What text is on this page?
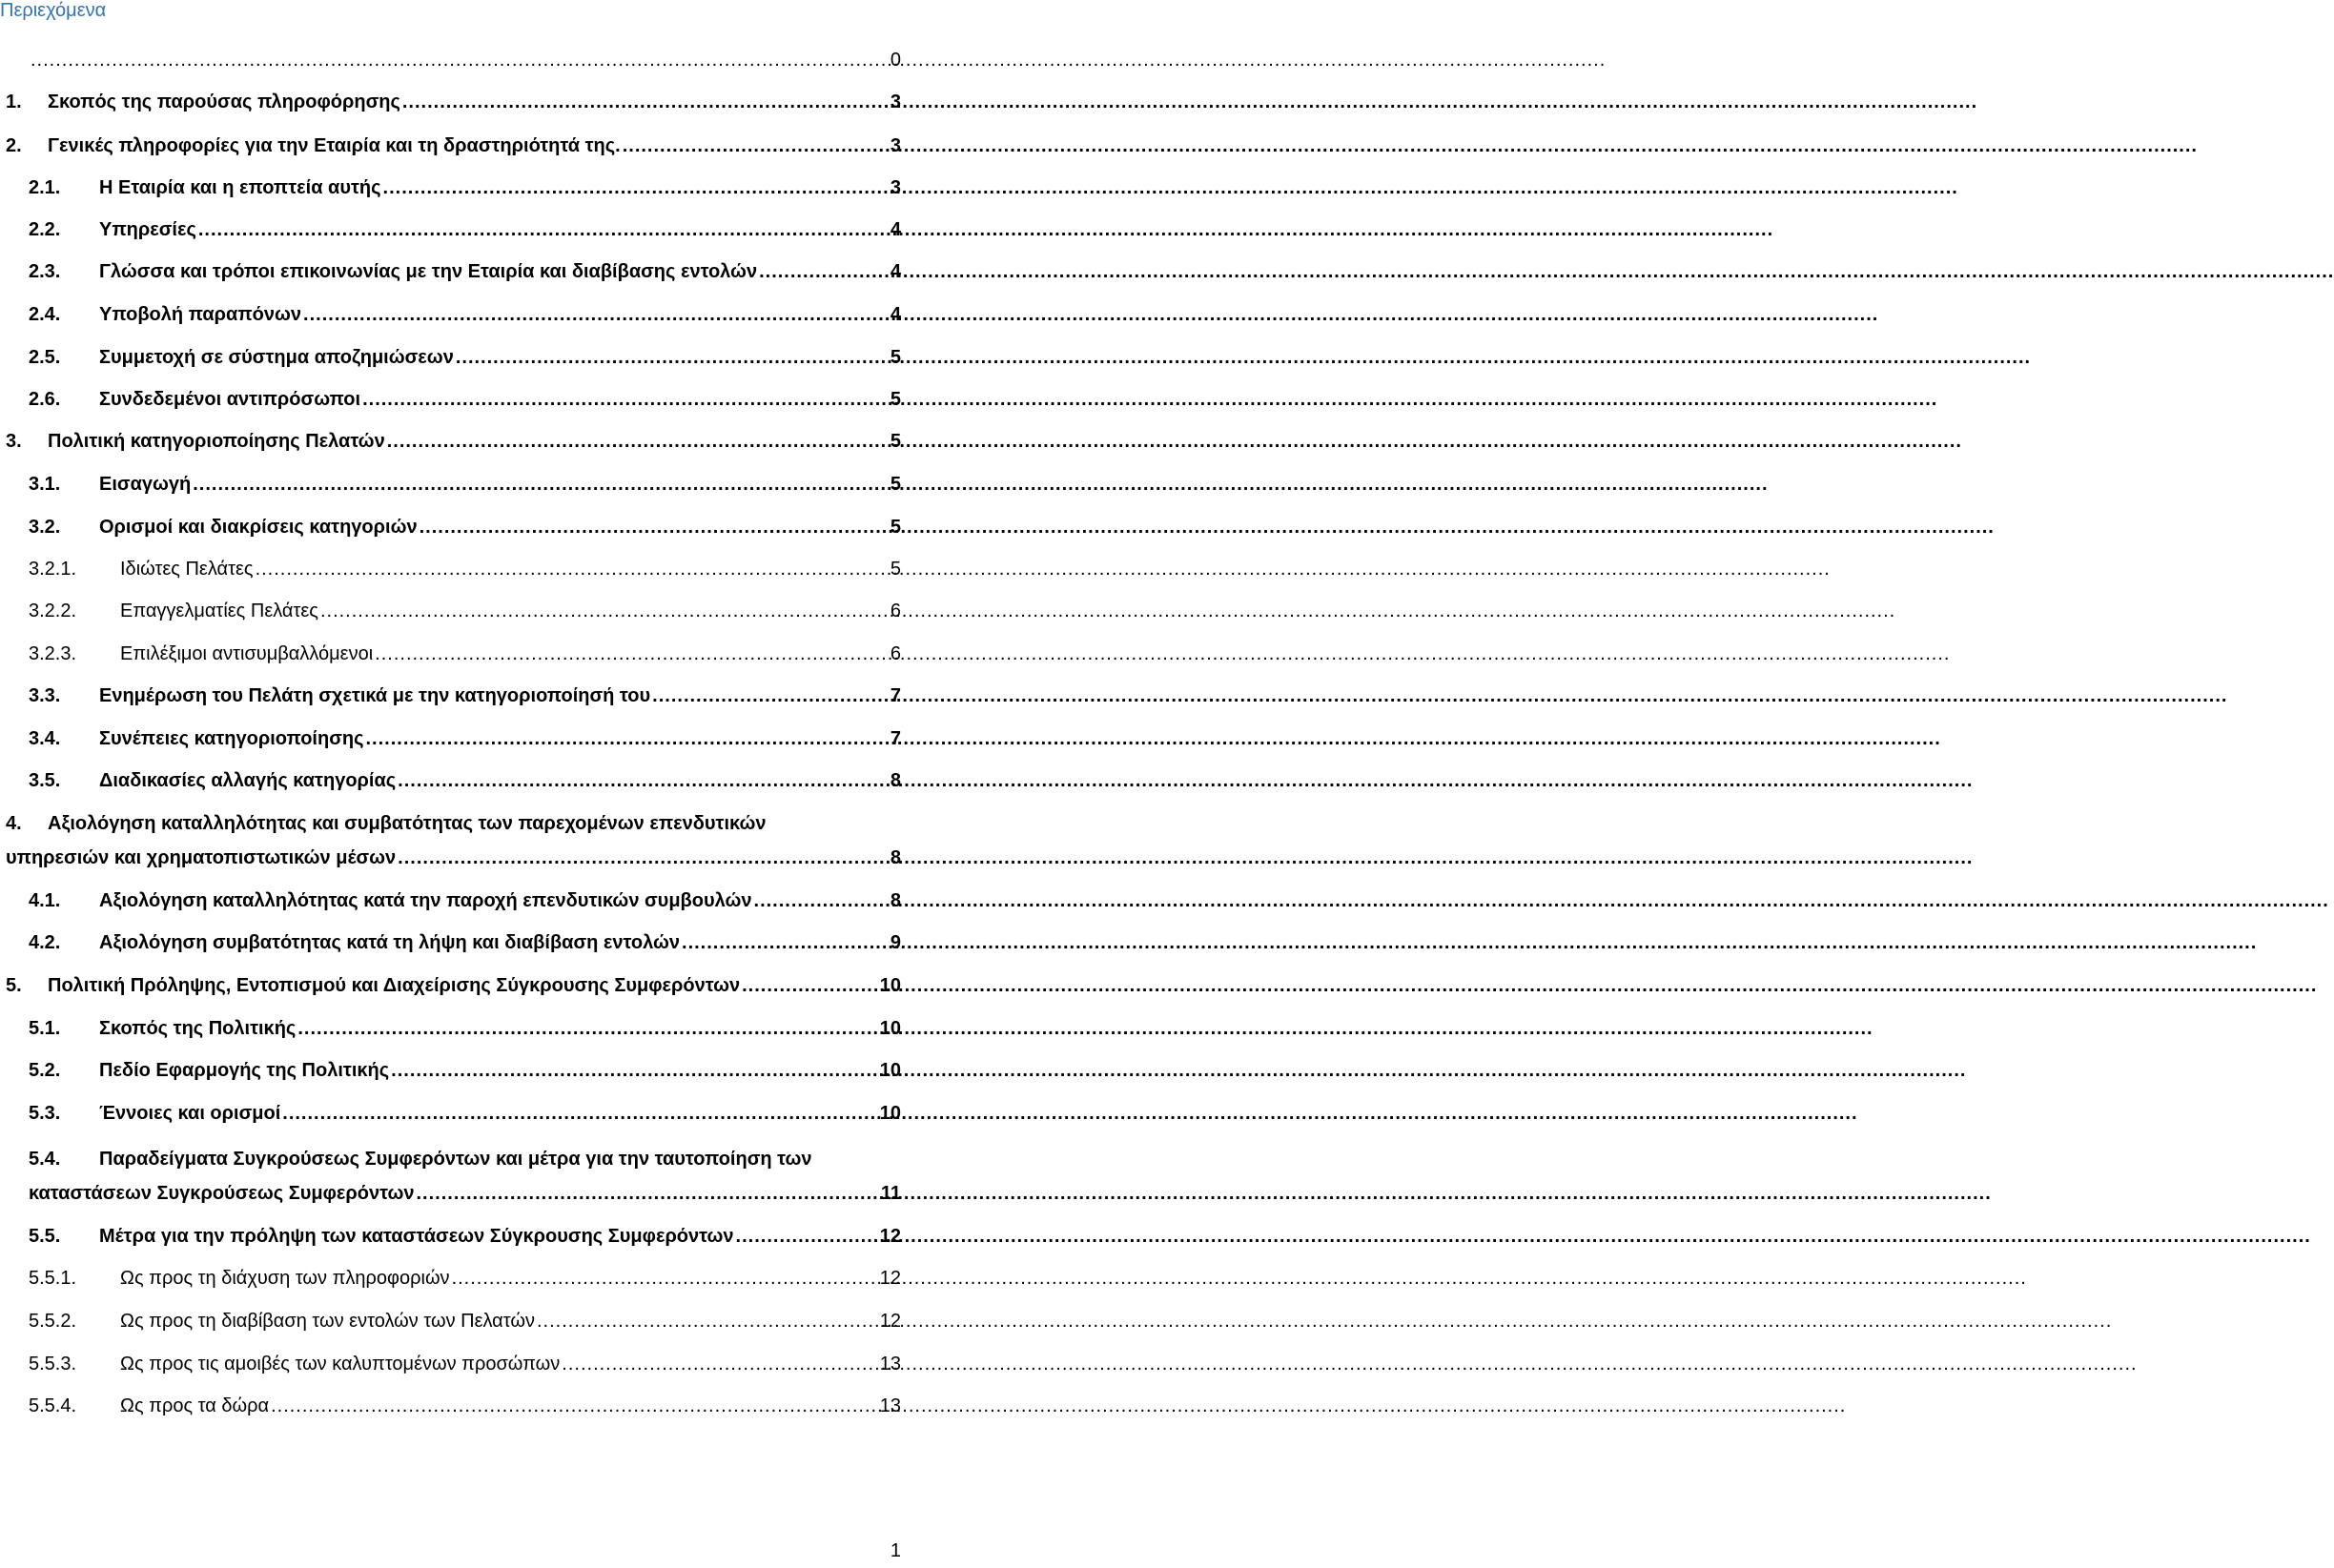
Περιεχόμενα
.....
0
1.	Σκοπός της παρούσας πληροφόρησης .....	3
2.	Γενικές πληροφορίες για την Εταιρία και τη δραστηριότητά της. .....	3
2.1.	Η Εταιρία και η εποπτεία αυτής .....	3
2.2.	Υπηρεσίες .....	4
2.3.	Γλώσσα και τρόποι επικοινωνίας με την Εταιρία και διαβίβασης εντολών .....	4
2.4.	Υποβολή παραπόνων .....	4
2.5.	Συμμετοχή σε σύστημα αποζημιώσεων .....	5
2.6.	Συνδεδεμένοι αντιπρόσωποι .....	5
3.	Πολιτική κατηγοριοποίησης Πελατών .....	5
3.1.	Εισαγωγή .....	5
3.2.	Ορισμοί και διακρίσεις κατηγοριών .....	5
3.2.1.	Ιδιώτες Πελάτες .....	5
3.2.2.	Επαγγελματίες Πελάτες .....	6
3.2.3.	Επιλέξιμοι αντισυμβαλλόμενοι .....	6
3.3.	Ενημέρωση του Πελάτη σχετικά με την κατηγοριοποίησή του .....	7
3.4.	Συνέπειες κατηγοριοποίησης .....	7
3.5.	Διαδικασίες αλλαγής κατηγορίας .....	8
4. Αξιολόγηση καταλληλότητας και συμβατότητας των παρεχομένων επενδυτικών
υπηρεσιών και χρηματοπιστωτικών μέσων .....	8
4.1.	Αξιολόγηση καταλληλότητας κατά την παροχή επενδυτικών συμβουλών .....	8
4.2.	Αξιολόγηση συμβατότητας κατά τη λήψη και διαβίβαση εντολών .....	9
5.	Πολιτική Πρόληψης, Εντοπισμού και Διαχείρισης Σύγκρουσης Συμφερόντων .....	10
5.1.	Σκοπός της Πολιτικής .....	10
5.2.	Πεδίο Εφαρμογής της Πολιτικής .....	10
5.3.	Έννοιες και ορισμοί .....	10
5.4. Παραδείγματα Συγκρούσεως Συμφερόντων και μέτρα για την ταυτοποίηση των
καταστάσεων Συγκρούσεως Συμφερόντων .....	11
5.5.	Μέτρα για την πρόληψη των καταστάσεων Σύγκρουσης Συμφερόντων .....	12
5.5.1.	Ως προς τη διάχυση των πληροφοριών .....	12
5.5.2.	Ως προς τη διαβίβαση των εντολών των Πελατών .....	12
5.5.3.	Ως προς τις αμοιβές των καλυπτομένων προσώπων .....	13
5.5.4.	Ως προς τα δώρα .....	13
1
